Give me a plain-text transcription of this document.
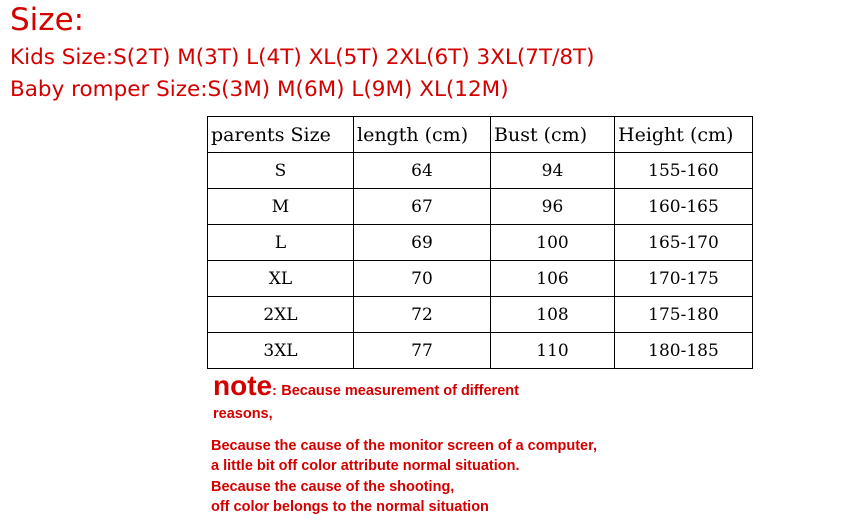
Size:
Kids Size:S(2T) M(3T) L(4T) XL(5T) 2XL(6T) 3XL(7T/8T)
Baby romper Size:S(3M) M(6M) L(9M) XL(12M)
parents Size	length (cm)	Bust (cm)	Height (cm)
S	64	94	155-160
M	67	96	160-165
L	69	100	165-170
XL	70	106	170-175
2XL	72	108	175-180
3XL	77	110	180-185
note: Because measurement of different
reasons,
Because the cause of the monitor screen of a computer,
a little bit off color attribute normal situation.
Because the cause of the shooting,
off color belongs to the normal situation
